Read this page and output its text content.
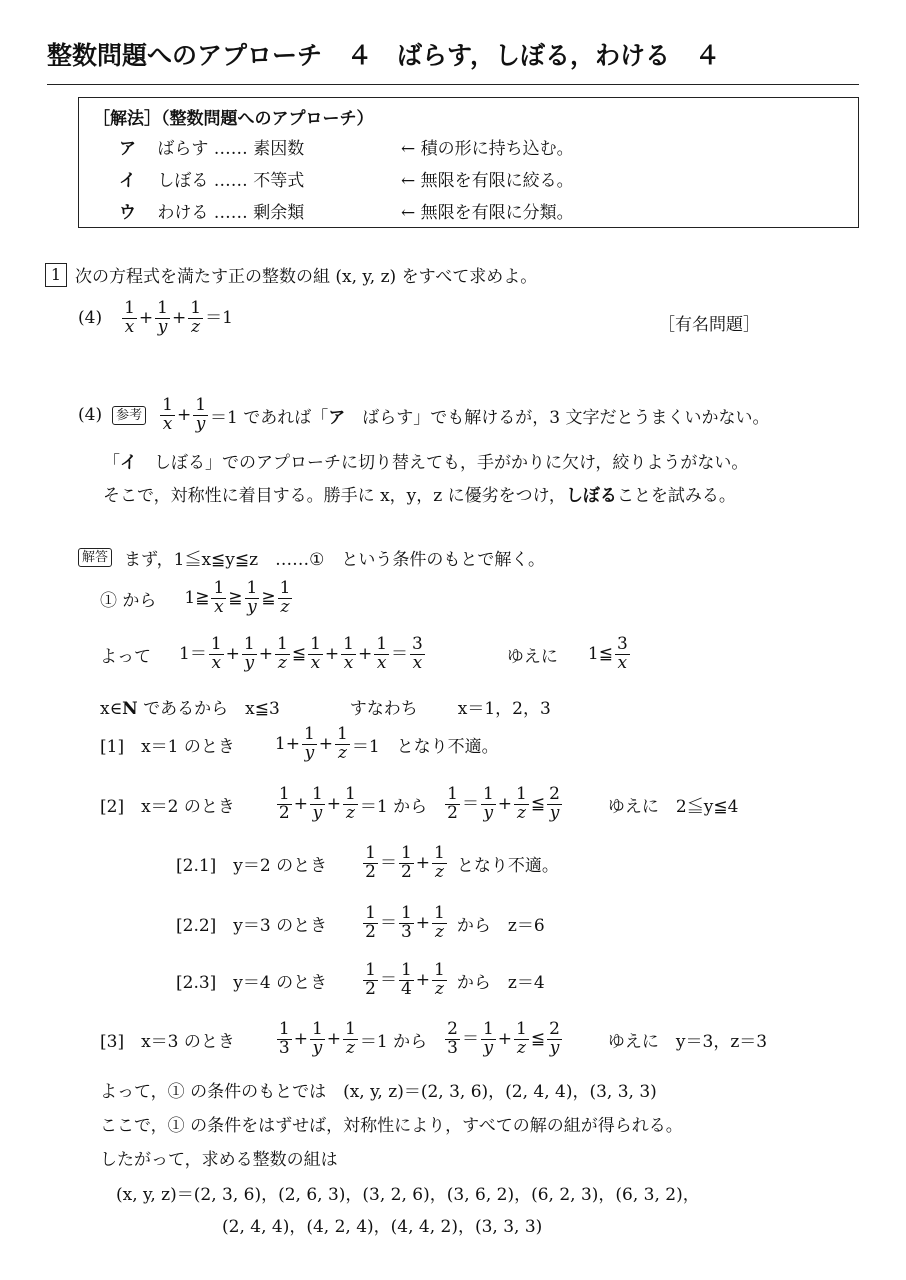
整数問題へのアプローチ　４　ばらす，しぼる，わける　４
［解法］（整数問題へのアプローチ）
ア ばらす …… 素因数	← 積の形に持ち込む。
イ しぼる …… 不等式	← 無限を有限に絞る。
ウ わける …… 剰余類	← 無限を有限に分類。
1 次の方程式を満たす正の整数の組 (x, y, z) をすべて求めよ。
$(4) \frac{1}{x} + \frac{1}{y} + \frac{1}{z} =1$	［有名問題］
(4)	参考 $\frac{1}{x} + \frac{1}{y} =1$ であれば「 ア 　ばらす」でも解けるが，3 文字だとうまくいかない。
「イ　しぼる」でのアプローチに切り替えても，手がかりに欠け，絞りようがない。
そこで，対称性に着目する。勝手に x，y，z に優劣をつけ，しぼることを試みる。
解答 まず，1≦x≦y≦z　……①　という条件のもとで解く。
① から 1≧ $\frac{1}{x}$ ≧ $\frac{1}{y}$ ≧ $\frac{1}{z}$
よって $1= \frac{1}{x} + \frac{1}{y} + \frac{1}{z}$ ≦ $\frac{1}{x} + \frac{1}{x} + \frac{1}{x} = \frac{3}{x}$	ゆえに 1≦ $\frac{3}{x}$
x∈N であるから　x≦3	すなわち x＝1，2，3
[1]　x＝1 のとき $1+ \frac{1}{y} + \frac{1}{z} =1$　となり不適。
[2]　x＝2 のとき $\frac{1}{2} + \frac{1}{y} + \frac{1}{z} =1$ から $\frac{1}{2} = \frac{1}{y} + \frac{1}{z}$ ≦ $\frac{2}{y}$	ゆえに　2≦y≦4
[2.1]　y＝2 のとき $\frac{1}{2} = \frac{1}{2} + \frac{1}{z}$ となり不適。
[2.2]　y＝3 のとき $\frac{1}{2} = \frac{1}{3} + \frac{1}{z}$ から　z＝6
[2.3]　y＝4 のとき $\frac{1}{2} = \frac{1}{4} + \frac{1}{z}$ から　z＝4
[3]　x＝3 のとき $\frac{1}{3} + \frac{1}{y} + \frac{1}{z} =1$ から $\frac{2}{3} = \frac{1}{y} + \frac{1}{z}$ ≦ $\frac{2}{y}$	ゆえに　y＝3，z＝3
よって，① の条件のもとでは　(x, y, z)＝(2, 3, 6)，(2, 4, 4)，(3, 3, 3)
ここで，① の条件をはずせば，対称性により，すべての解の組が得られる。
したがって，求める整数の組は
(x, y, z)＝(2, 3, 6)，(2, 6, 3)，(3, 2, 6)，(3, 6, 2)，(6, 2, 3)，(6, 3, 2)，
(2, 4, 4)，(4, 2, 4)，(4, 4, 2)，(3, 3, 3)
